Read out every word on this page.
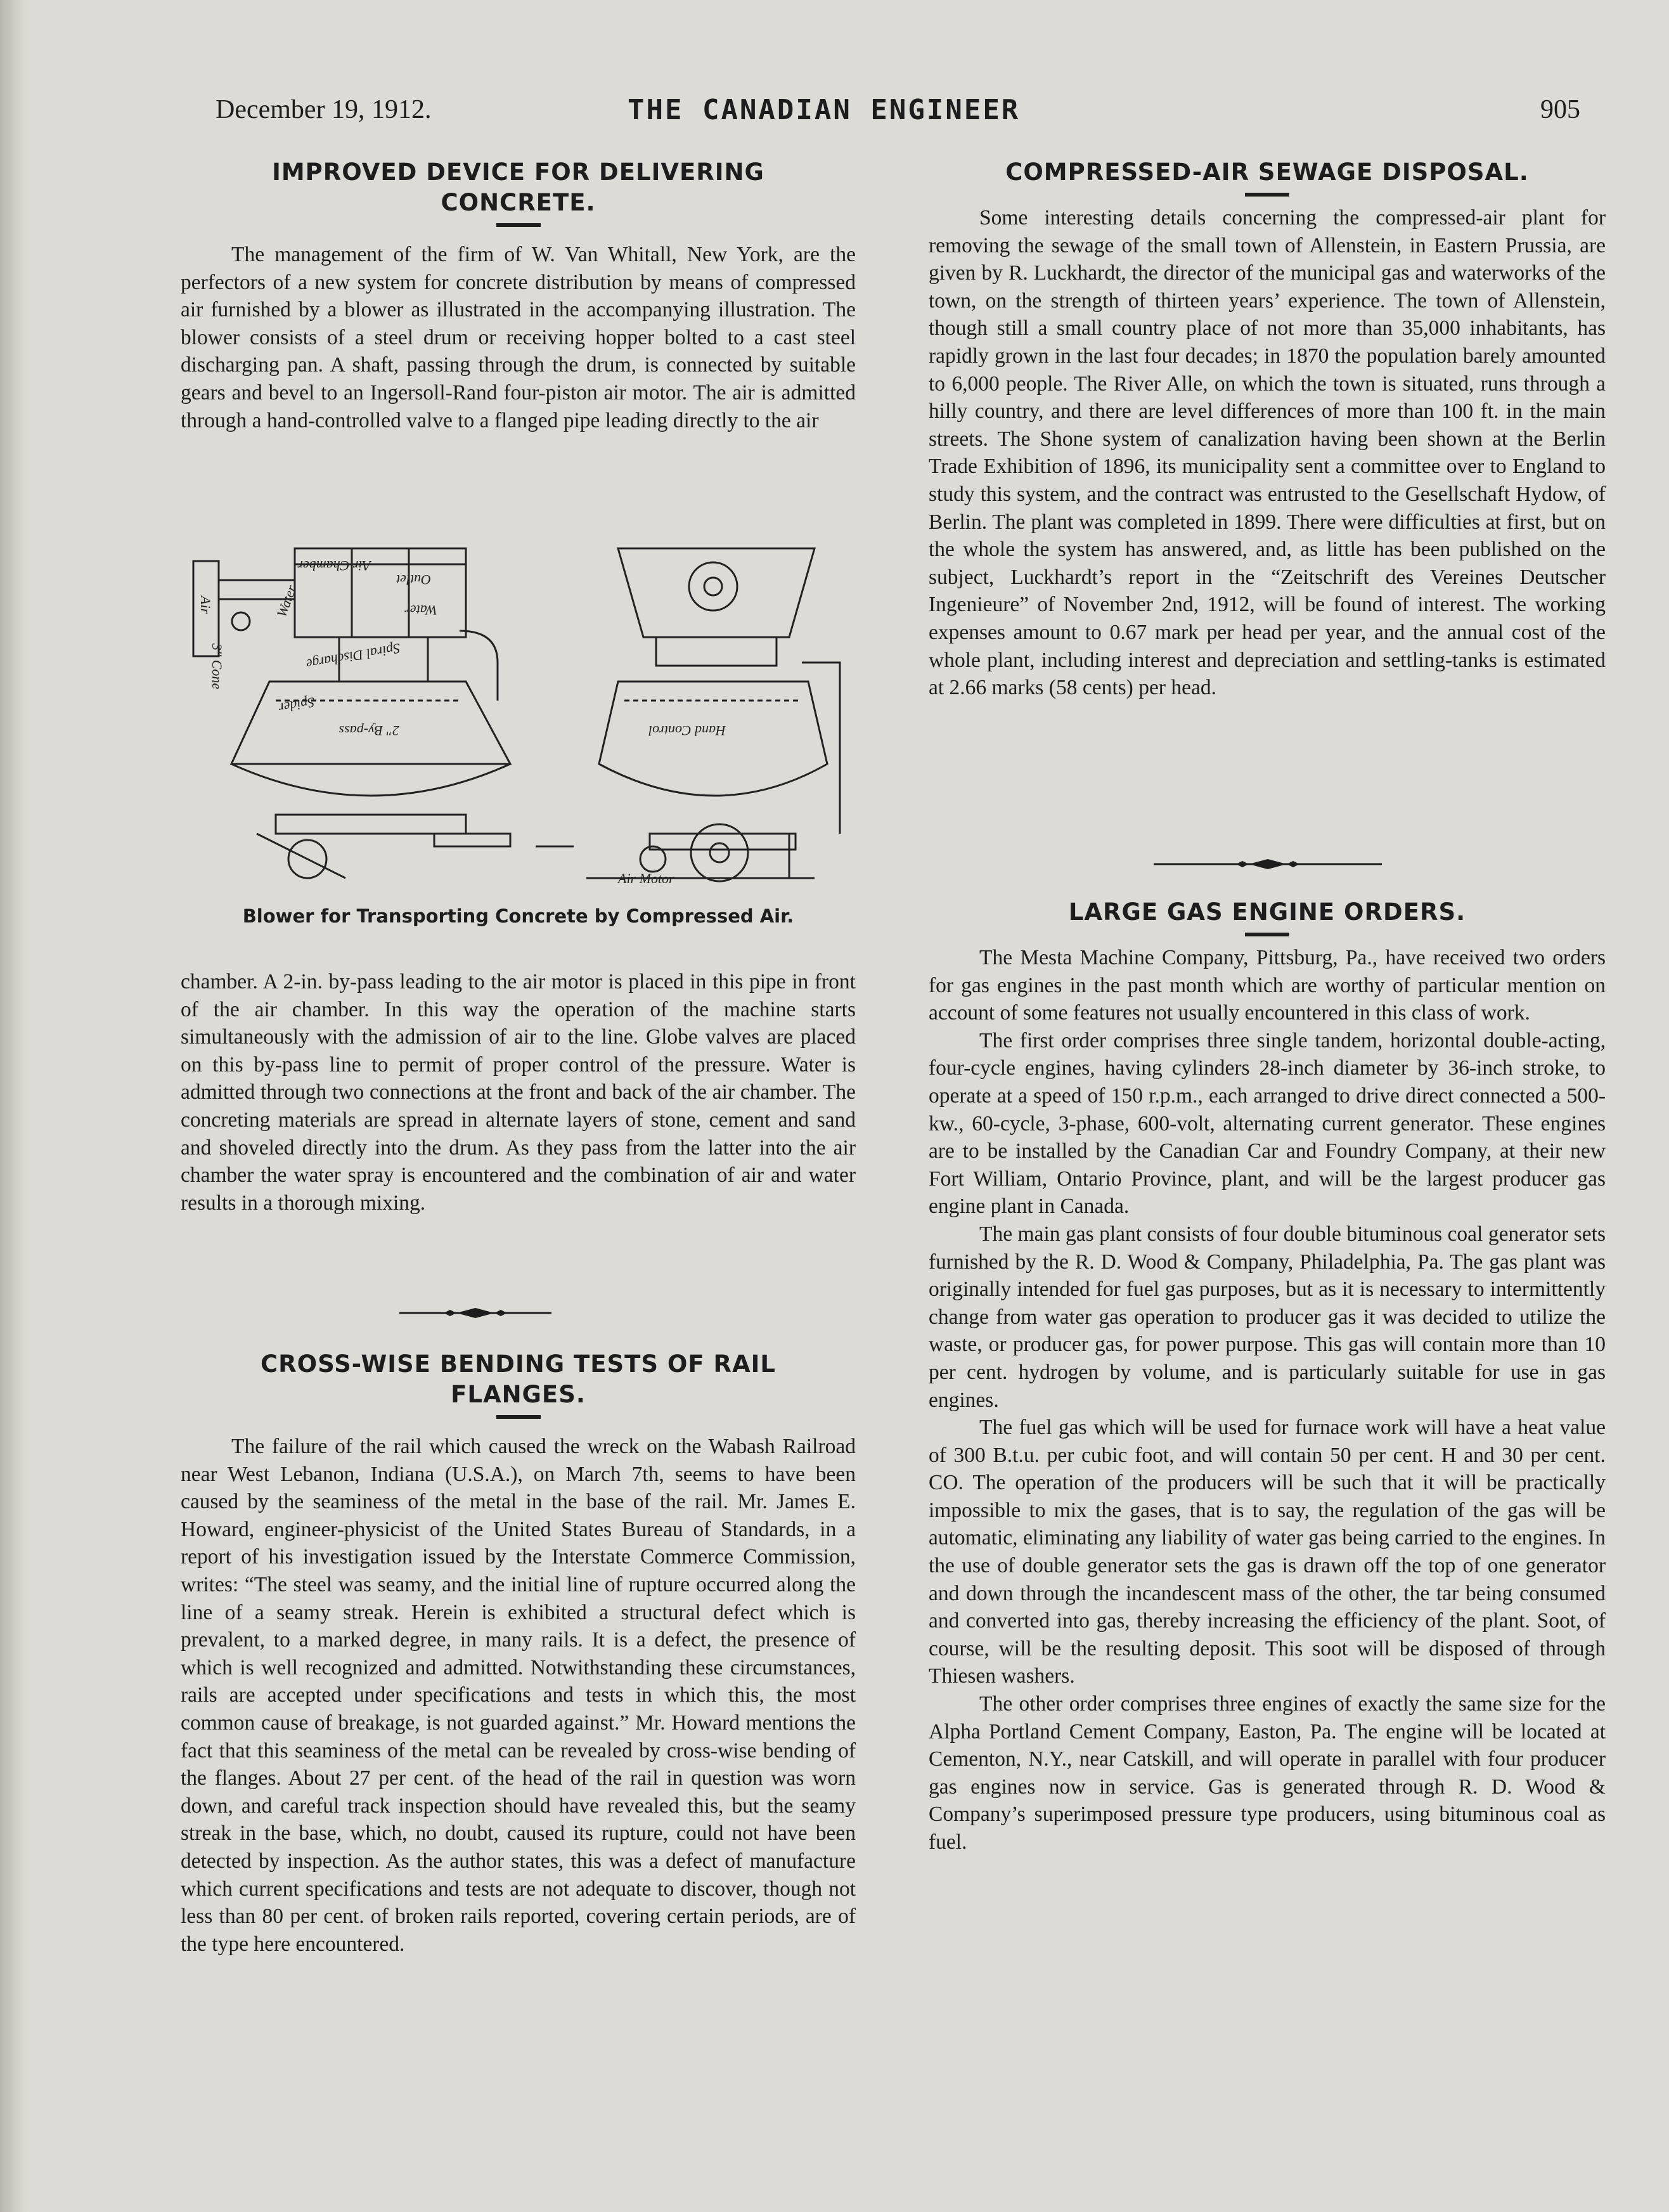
December 19, 1912.	THE CANADIAN ENGINEER	905
IMPROVED DEVICE FOR DELIVERING
CONCRETE.

The management of the firm of W. Van Whitall, New York, are the perfectors of a new system for concrete distribution by means of compressed air furnished by a blower as illustrated in the accompanying illustration. The blower consists of a steel drum or receiving hopper bolted to a cast steel discharging pan. A shaft, passing through the drum, is connected by suitable gears and bevel to an Ingersoll-Rand four-piston air motor. The air is admitted through a hand-controlled valve to a flanged pipe leading directly to the air

Air
Air Chamber
Outlet
Water	Water
Spiral Discharge
3" Cone
Spider
2" By-pass	Hand Control
Air Motor
Blower for Transporting Concrete by Compressed Air.

chamber. A 2-in. by-pass leading to the air motor is placed in this pipe in front of the air chamber. In this way the operation of the machine starts simultaneously with the admission of air to the line. Globe valves are placed on this by-pass line to permit of proper control of the pressure. Water is admitted through two connections at the front and back of the air chamber. The concreting materials are spread in alternate layers of stone, cement and sand and shoveled directly into the drum. As they pass from the latter into the air chamber the water spray is encountered and the combination of air and water results in a thorough mixing.

CROSS-WISE BENDING TESTS OF RAIL
FLANGES.

The failure of the rail which caused the wreck on the Wabash Railroad near West Lebanon, Indiana (U.S.A.), on March 7th, seems to have been caused by the seaminess of the metal in the base of the rail. Mr. James E. Howard, engineer-physicist of the United States Bureau of Standards, in a report of his investigation issued by the Interstate Commerce Commission, writes: “The steel was seamy, and the initial line of rupture occurred along the line of a seamy streak. Herein is exhibited a structural defect which is prevalent, to a marked degree, in many rails. It is a defect, the presence of which is well recognized and admitted. Notwithstanding these circumstances, rails are accepted under specifications and tests in which this, the most common cause of breakage, is not guarded against.” Mr. Howard mentions the fact that this seaminess of the metal can be revealed by cross-wise bending of the flanges. About 27 per cent. of the head of the rail in question was worn down, and careful track inspection should have revealed this, but the seamy streak in the base, which, no doubt, caused its rupture, could not have been detected by inspection. As the author states, this was a defect of manufacture which current specifications and tests are not adequate to discover, though not less than 80 per cent. of broken rails reported, covering certain periods, are of the type here encountered.

COMPRESSED-AIR SEWAGE DISPOSAL.

Some interesting details concerning the compressed-air plant for removing the sewage of the small town of Allenstein, in Eastern Prussia, are given by R. Luckhardt, the director of the municipal gas and waterworks of the town, on the strength of thirteen years’ experience. The town of Allenstein, though still a small country place of not more than 35,000 inhabitants, has rapidly grown in the last four decades; in 1870 the population barely amounted to 6,000 people. The River Alle, on which the town is situated, runs through a hilly country, and there are level differences of more than 100 ft. in the main streets. The Shone system of canalization having been shown at the Berlin Trade Exhibition of 1896, its municipality sent a committee over to England to study this system, and the contract was entrusted to the Gesellschaft Hydow, of Berlin. The plant was completed in 1899. There were difficulties at first, but on the whole the system has answered, and, as little has been published on the subject, Luckhardt’s report in the “Zeitschrift des Vereines Deutscher Ingenieure” of November 2nd, 1912, will be found of interest. The working expenses amount to 0.67 mark per head per year, and the annual cost of the whole plant, including interest and depreciation and settling-tanks is estimated at 2.66 marks (58 cents) per head.

LARGE GAS ENGINE ORDERS.

The Mesta Machine Company, Pittsburg, Pa., have received two orders for gas engines in the past month which are worthy of particular mention on account of some features not usually encountered in this class of work.

The first order comprises three single tandem, horizontal double-acting, four-cycle engines, having cylinders 28-inch diameter by 36-inch stroke, to operate at a speed of 150 r.p.m., each arranged to drive direct connected a 500-kw., 60-cycle, 3-phase, 600-volt, alternating current generator. These engines are to be installed by the Canadian Car and Foundry Company, at their new Fort William, Ontario Province, plant, and will be the largest producer gas engine plant in Canada.

The main gas plant consists of four double bituminous coal generator sets furnished by the R. D. Wood & Company, Philadelphia, Pa. The gas plant was originally intended for fuel gas purposes, but as it is necessary to intermittently change from water gas operation to producer gas it was decided to utilize the waste, or producer gas, for power purpose. This gas will contain more than 10 per cent. hydrogen by volume, and is particularly suitable for use in gas engines.

The fuel gas which will be used for furnace work will have a heat value of 300 B.t.u. per cubic foot, and will contain 50 per cent. H and 30 per cent. CO. The operation of the producers will be such that it will be practically impossible to mix the gases, that is to say, the regulation of the gas will be automatic, eliminating any liability of water gas being carried to the engines. In the use of double generator sets the gas is drawn off the top of one generator and down through the incandescent mass of the other, the tar being consumed and converted into gas, thereby increasing the efficiency of the plant. Soot, of course, will be the resulting deposit. This soot will be disposed of through Thiesen washers.

The other order comprises three engines of exactly the same size for the Alpha Portland Cement Company, Easton, Pa. The engine will be located at Cementon, N.Y., near Catskill, and will operate in parallel with four producer gas engines now in service. Gas is generated through R. D. Wood & Company’s superimposed pressure type producers, using bituminous coal as fuel.
